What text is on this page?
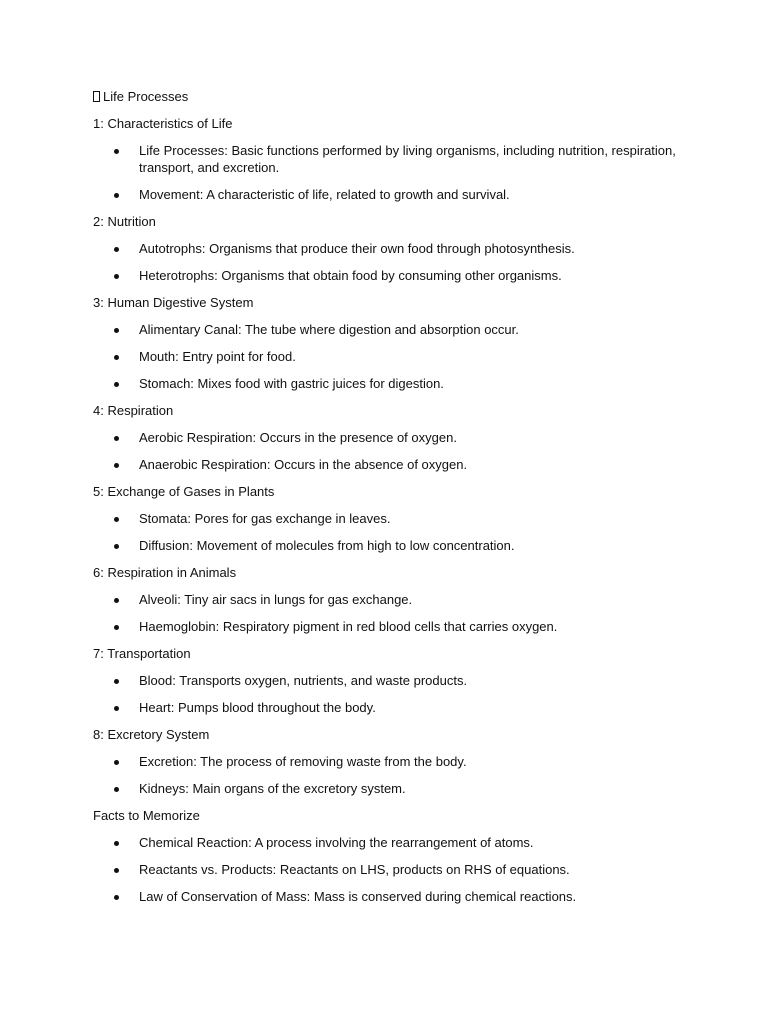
Life Processes
1: Characteristics of Life
Life Processes: Basic functions performed by living organisms, including nutrition, respiration, transport, and excretion.
Movement: A characteristic of life, related to growth and survival.
2: Nutrition
Autotrophs: Organisms that produce their own food through photosynthesis.
Heterotrophs: Organisms that obtain food by consuming other organisms.
3: Human Digestive System
Alimentary Canal: The tube where digestion and absorption occur.
Mouth: Entry point for food.
Stomach: Mixes food with gastric juices for digestion.
4: Respiration
Aerobic Respiration: Occurs in the presence of oxygen.
Anaerobic Respiration: Occurs in the absence of oxygen.
5: Exchange of Gases in Plants
Stomata: Pores for gas exchange in leaves.
Diffusion: Movement of molecules from high to low concentration.
6: Respiration in Animals
Alveoli: Tiny air sacs in lungs for gas exchange.
Haemoglobin: Respiratory pigment in red blood cells that carries oxygen.
7: Transportation
Blood: Transports oxygen, nutrients, and waste products.
Heart: Pumps blood throughout the body.
8: Excretory System
Excretion: The process of removing waste from the body.
Kidneys: Main organs of the excretory system.
Facts to Memorize
Chemical Reaction: A process involving the rearrangement of atoms.
Reactants vs. Products: Reactants on LHS, products on RHS of equations.
Law of Conservation of Mass: Mass is conserved during chemical reactions.
